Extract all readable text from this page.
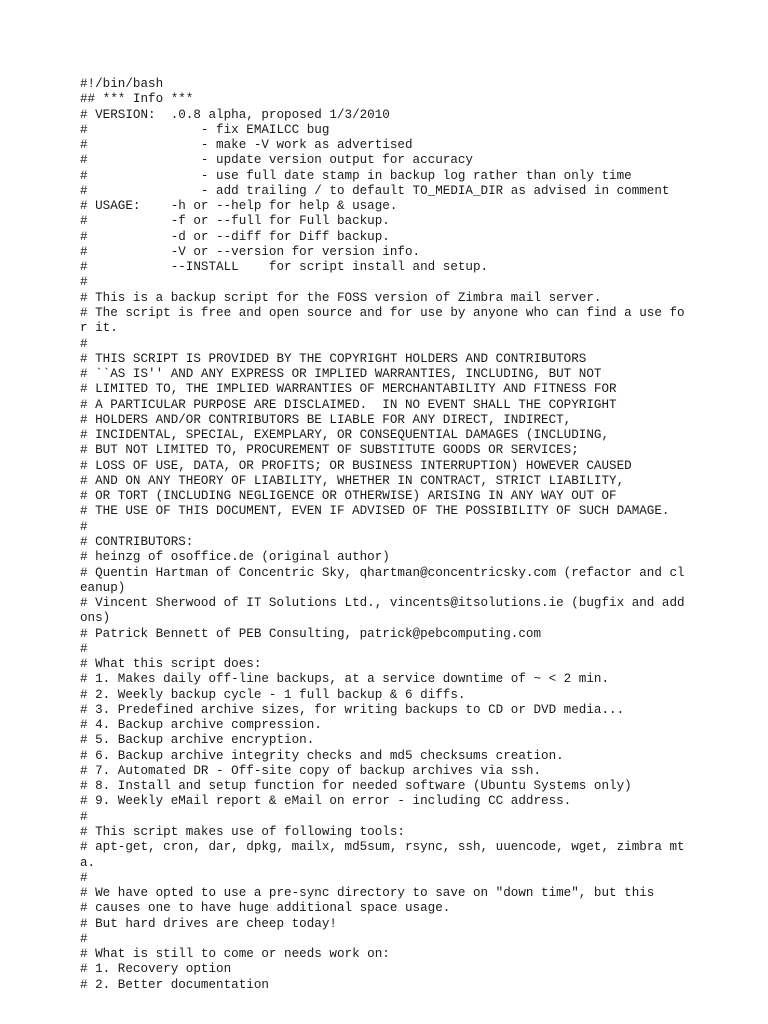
#!/bin/bash
## *** Info ***
# VERSION:  .0.8 alpha, proposed 1/3/2010
#               - fix EMAILCC bug
#               - make -V work as advertised
#               - update version output for accuracy
#               - use full date stamp in backup log rather than only time
#               - add trailing / to default TO_MEDIA_DIR as advised in comment
# USAGE:    -h or --help for help & usage.
#           -f or --full for Full backup.
#           -d or --diff for Diff backup.
#           -V or --version for version info.
#           --INSTALL    for script install and setup.
#
# This is a backup script for the FOSS version of Zimbra mail server.
# The script is free and open source and for use by anyone who can find a use fo
r it.
#
# THIS SCRIPT IS PROVIDED BY THE COPYRIGHT HOLDERS AND CONTRIBUTORS
# ``AS IS'' AND ANY EXPRESS OR IMPLIED WARRANTIES, INCLUDING, BUT NOT
# LIMITED TO, THE IMPLIED WARRANTIES OF MERCHANTABILITY AND FITNESS FOR
# A PARTICULAR PURPOSE ARE DISCLAIMED.  IN NO EVENT SHALL THE COPYRIGHT
# HOLDERS AND/OR CONTRIBUTORS BE LIABLE FOR ANY DIRECT, INDIRECT,
# INCIDENTAL, SPECIAL, EXEMPLARY, OR CONSEQUENTIAL DAMAGES (INCLUDING,
# BUT NOT LIMITED TO, PROCUREMENT OF SUBSTITUTE GOODS OR SERVICES;
# LOSS OF USE, DATA, OR PROFITS; OR BUSINESS INTERRUPTION) HOWEVER CAUSED
# AND ON ANY THEORY OF LIABILITY, WHETHER IN CONTRACT, STRICT LIABILITY,
# OR TORT (INCLUDING NEGLIGENCE OR OTHERWISE) ARISING IN ANY WAY OUT OF
# THE USE OF THIS DOCUMENT, EVEN IF ADVISED OF THE POSSIBILITY OF SUCH DAMAGE.
#
# CONTRIBUTORS:
# heinzg of osoffice.de (original author)
# Quentin Hartman of Concentric Sky, qhartman@concentricsky.com (refactor and cl
eanup)
# Vincent Sherwood of IT Solutions Ltd., vincents@itsolutions.ie (bugfix and add
ons)
# Patrick Bennett of PEB Consulting, patrick@pebcomputing.com
#
# What this script does:
# 1. Makes daily off-line backups, at a service downtime of ~ < 2 min.
# 2. Weekly backup cycle - 1 full backup & 6 diffs.
# 3. Predefined archive sizes, for writing backups to CD or DVD media...
# 4. Backup archive compression.
# 5. Backup archive encryption.
# 6. Backup archive integrity checks and md5 checksums creation.
# 7. Automated DR - Off-site copy of backup archives via ssh.
# 8. Install and setup function for needed software (Ubuntu Systems only)
# 9. Weekly eMail report & eMail on error - including CC address.
#
# This script makes use of following tools:
# apt-get, cron, dar, dpkg, mailx, md5sum, rsync, ssh, uuencode, wget, zimbra mt
a.
#
# We have opted to use a pre-sync directory to save on "down time", but this
# causes one to have huge additional space usage.
# But hard drives are cheep today!
#
# What is still to come or needs work on:
# 1. Recovery option
# 2. Better documentation
